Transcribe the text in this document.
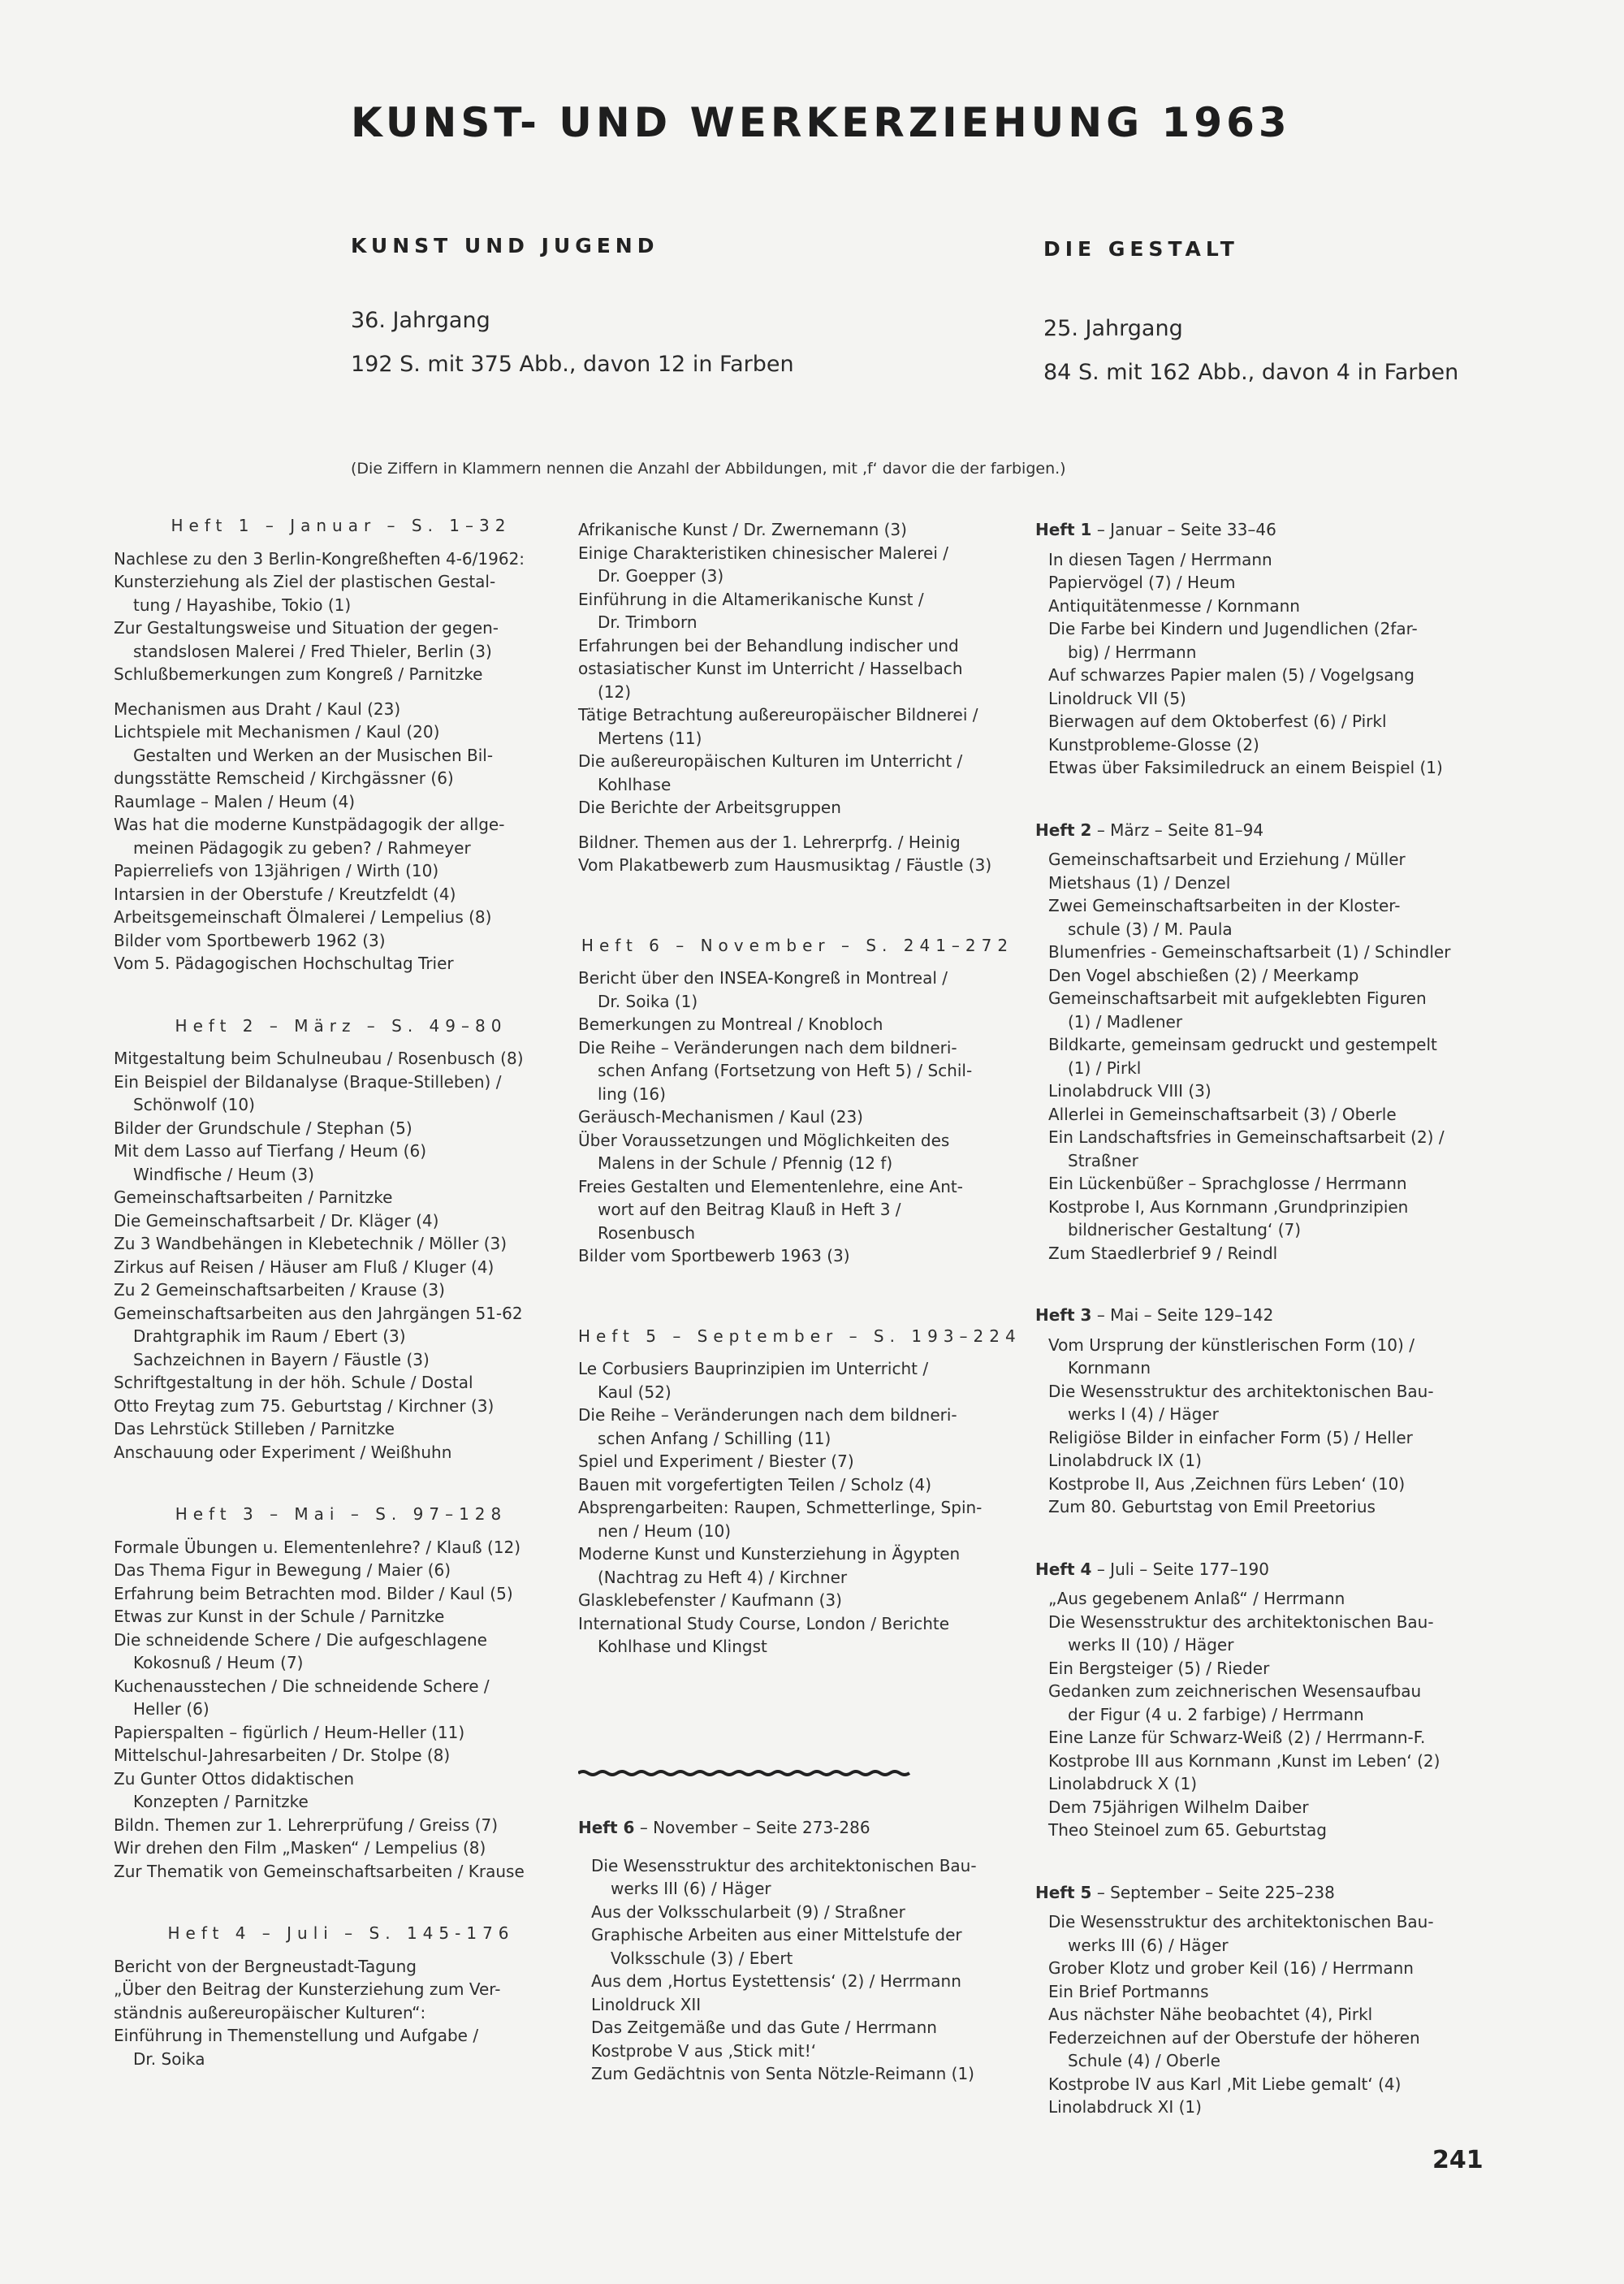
KUNST- UND WERKERZIEHUNG 1963
KUNST UND JUGEND	DIE GESTALT
36. Jahrgang
192 S. mit 375 Abb., davon 12 in Farben
25. Jahrgang
84 S. mit 162 Abb., davon 4 in Farben
(Die Ziffern in Klammern nennen die Anzahl der Abbildungen, mit ‚f‘ davor die der farbigen.)
Heft 1 – Januar – S. 1–32
Nachlese zu den 3 Berlin-Kongreßheften 4-6/1962:
Kunsterziehung als Ziel der plastischen Gestal-
tung / Hayashibe, Tokio (1)
Zur Gestaltungsweise und Situation der gegen-
standslosen Malerei / Fred Thieler, Berlin (3)
Schlußbemerkungen zum Kongreß / Parnitzke
Mechanismen aus Draht / Kaul (23)
Lichtspiele mit Mechanismen / Kaul (20)
Gestalten und Werken an der Musischen Bil-
dungsstätte Remscheid / Kirchgässner (6)
Raumlage – Malen / Heum (4)
Was hat die moderne Kunstpädagogik der allge-
meinen Pädagogik zu geben? / Rahmeyer
Papierreliefs von 13jährigen / Wirth (10)
Intarsien in der Oberstufe / Kreutzfeldt (4)
Arbeitsgemeinschaft Ölmalerei / Lempelius (8)
Bilder vom Sportbewerb 1962 (3)
Vom 5. Pädagogischen Hochschultag Trier
Heft 2 – März – S. 49–80
Mitgestaltung beim Schulneubau / Rosenbusch (8)
Ein Beispiel der Bildanalyse (Braque-Stilleben) /
Schönwolf (10)
Bilder der Grundschule / Stephan (5)
Mit dem Lasso auf Tierfang / Heum (6)
Windfische / Heum (3)
Gemeinschaftsarbeiten / Parnitzke
Die Gemeinschaftsarbeit / Dr. Kläger (4)
Zu 3 Wandbehängen in Klebetechnik / Möller (3)
Zirkus auf Reisen / Häuser am Fluß / Kluger (4)
Zu 2 Gemeinschaftsarbeiten / Krause (3)
Gemeinschaftsarbeiten aus den Jahrgängen 51-62
Drahtgraphik im Raum / Ebert (3)
Sachzeichnen in Bayern / Fäustle (3)
Schriftgestaltung in der höh. Schule / Dostal
Otto Freytag zum 75. Geburtstag / Kirchner (3)
Das Lehrstück Stilleben / Parnitzke
Anschauung oder Experiment / Weißhuhn
Heft 3 – Mai – S. 97–128
Formale Übungen u. Elementenlehre? / Klauß (12)
Das Thema Figur in Bewegung / Maier (6)
Erfahrung beim Betrachten mod. Bilder / Kaul (5)
Etwas zur Kunst in der Schule / Parnitzke
Die schneidende Schere / Die aufgeschlagene
Kokosnuß / Heum (7)
Kuchenausstechen / Die schneidende Schere /
Heller (6)
Papierspalten – figürlich / Heum-Heller (11)
Mittelschul-Jahresarbeiten / Dr. Stolpe (8)
Zu Gunter Ottos didaktischen
Konzepten / Parnitzke
Bildn. Themen zur 1. Lehrerprüfung / Greiss (7)
Wir drehen den Film „Masken“ / Lempelius (8)
Zur Thematik von Gemeinschaftsarbeiten / Krause
Heft 4 – Juli – S. 145-176
Bericht von der Bergneustadt-Tagung
„Über den Beitrag der Kunsterziehung zum Ver-
ständnis außereuropäischer Kulturen“:
Einführung in Themenstellung und Aufgabe /
Dr. Soika
Afrikanische Kunst / Dr. Zwernemann (3)
Einige Charakteristiken chinesischer Malerei /
Dr. Goepper (3)
Einführung in die Altamerikanische Kunst /
Dr. Trimborn
Erfahrungen bei der Behandlung indischer und
ostasiatischer Kunst im Unterricht / Hasselbach
(12)
Tätige Betrachtung außereuropäischer Bildnerei /
Mertens (11)
Die außereuropäischen Kulturen im Unterricht /
Kohlhase
Die Berichte der Arbeitsgruppen
Bildner. Themen aus der 1. Lehrerprfg. / Heinig
Vom Plakatbewerb zum Hausmusiktag / Fäustle (3)
Heft 6 – November – S. 241–272
Bericht über den INSEA-Kongreß in Montreal /
Dr. Soika (1)
Bemerkungen zu Montreal / Knobloch
Die Reihe – Veränderungen nach dem bildneri-
schen Anfang (Fortsetzung von Heft 5) / Schil-
ling (16)
Geräusch-Mechanismen / Kaul (23)
Über Voraussetzungen und Möglichkeiten des
Malens in der Schule / Pfennig (12 f)
Freies Gestalten und Elementenlehre, eine Ant-
wort auf den Beitrag Klauß in Heft 3 /
Rosenbusch
Bilder vom Sportbewerb 1963 (3)
Heft 5 – September – S. 193–224
Le Corbusiers Bauprinzipien im Unterricht /
Kaul (52)
Die Reihe – Veränderungen nach dem bildneri-
schen Anfang / Schilling (11)
Spiel und Experiment / Biester (7)
Bauen mit vorgefertigten Teilen / Scholz (4)
Absprengarbeiten: Raupen, Schmetterlinge, Spin-
nen / Heum (10)
Moderne Kunst und Kunsterziehung in Ägypten
(Nachtrag zu Heft 4) / Kirchner
Glasklebefenster / Kaufmann (3)
International Study Course, London / Berichte
Kohlhase und Klingst
Heft 6 – November – Seite 273-286
Die Wesensstruktur des architektonischen Bau-
werks III (6) / Häger
Aus der Volksschularbeit (9) / Straßner
Graphische Arbeiten aus einer Mittelstufe der
Volksschule (3) / Ebert
Aus dem ‚Hortus Eystettensis‘ (2) / Herrmann
Linoldruck XII
Das Zeitgemäße und das Gute / Herrmann
Kostprobe V aus ‚Stick mit!‘
Zum Gedächtnis von Senta Nötzle-Reimann (1)
Heft 1 – Januar – Seite 33–46
In diesen Tagen / Herrmann
Papiervögel (7) / Heum
Antiquitätenmesse / Kornmann
Die Farbe bei Kindern und Jugendlichen (2far-
big) / Herrmann
Auf schwarzes Papier malen (5) / Vogelgsang
Linoldruck VII (5)
Bierwagen auf dem Oktoberfest (6) / Pirkl
Kunstprobleme-Glosse (2)
Etwas über Faksimiledruck an einem Beispiel (1)
Heft 2 – März – Seite 81–94
Gemeinschaftsarbeit und Erziehung / Müller
Mietshaus (1) / Denzel
Zwei Gemeinschaftsarbeiten in der Kloster-
schule (3) / M. Paula
Blumenfries - Gemeinschaftsarbeit (1) / Schindler
Den Vogel abschießen (2) / Meerkamp
Gemeinschaftsarbeit mit aufgeklebten Figuren
(1) / Madlener
Bildkarte, gemeinsam gedruckt und gestempelt
(1) / Pirkl
Linolabdruck VIII (3)
Allerlei in Gemeinschaftsarbeit (3) / Oberle
Ein Landschaftsfries in Gemeinschaftsarbeit (2) /
Straßner
Ein Lückenbüßer – Sprachglosse / Herrmann
Kostprobe I, Aus Kornmann ‚Grundprinzipien
bildnerischer Gestaltung‘ (7)
Zum Staedlerbrief 9 / Reindl
Heft 3 – Mai – Seite 129–142
Vom Ursprung der künstlerischen Form (10) /
Kornmann
Die Wesensstruktur des architektonischen Bau-
werks I (4) / Häger
Religiöse Bilder in einfacher Form (5) / Heller
Linolabdruck IX (1)
Kostprobe II, Aus ‚Zeichnen fürs Leben‘ (10)
Zum 80. Geburtstag von Emil Preetorius
Heft 4 – Juli – Seite 177–190
„Aus gegebenem Anlaß“ / Herrmann
Die Wesensstruktur des architektonischen Bau-
werks II (10) / Häger
Ein Bergsteiger (5) / Rieder
Gedanken zum zeichnerischen Wesensaufbau
der Figur (4 u. 2 farbige) / Herrmann
Eine Lanze für Schwarz-Weiß (2) / Herrmann-F.
Kostprobe III aus Kornmann ‚Kunst im Leben‘ (2)
Linolabdruck X (1)
Dem 75jährigen Wilhelm Daiber
Theo Steinoel zum 65. Geburtstag
Heft 5 – September – Seite 225–238
Die Wesensstruktur des architektonischen Bau-
werks III (6) / Häger
Grober Klotz und grober Keil (16) / Herrmann
Ein Brief Portmanns
Aus nächster Nähe beobachtet (4), Pirkl
Federzeichnen auf der Oberstufe der höheren
Schule (4) / Oberle
Kostprobe IV aus Karl ‚Mit Liebe gemalt‘ (4)
Linolabdruck XI (1)
241
